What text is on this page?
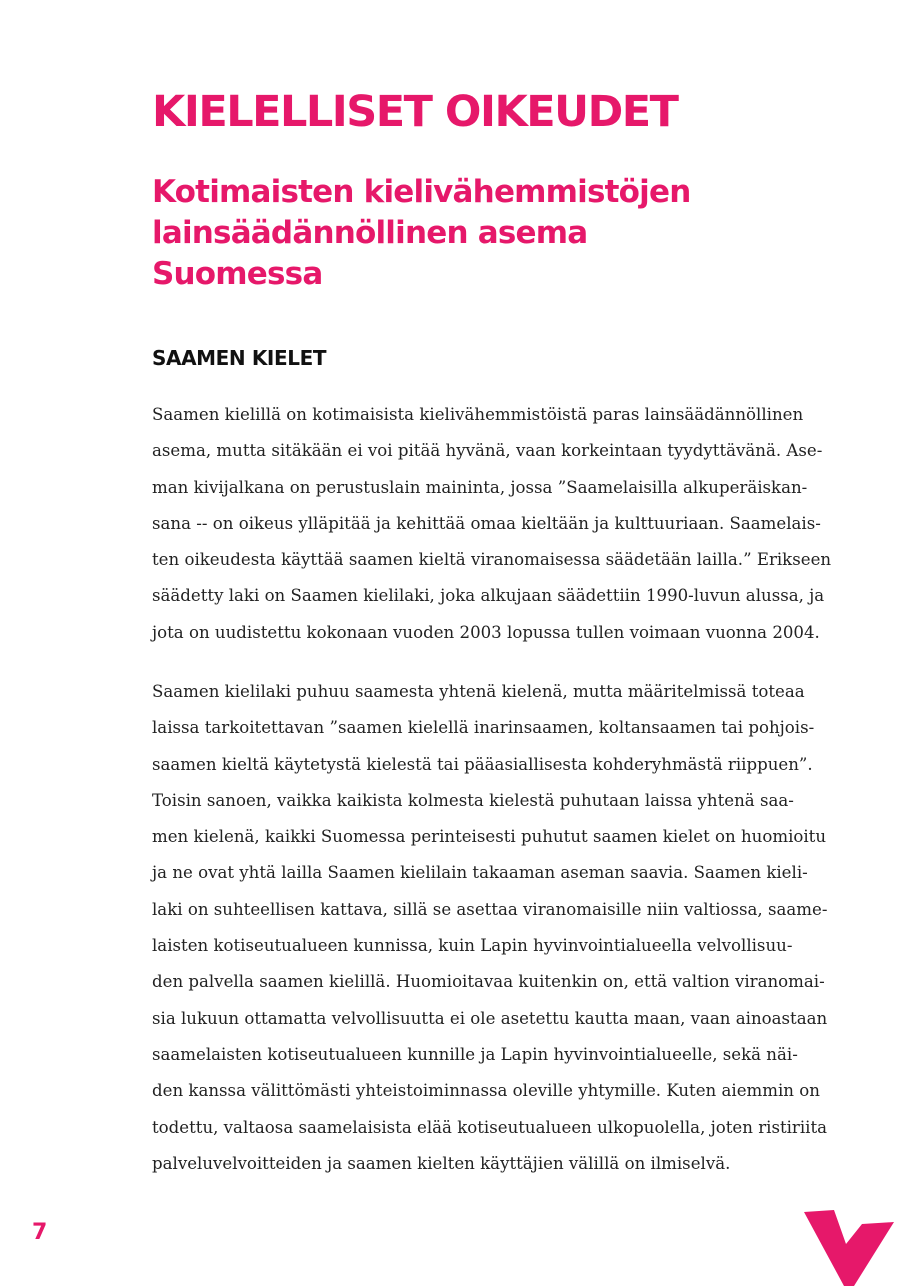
KIELELLISET OIKEUDET
Kotimaisten kielivähemmistöjen
lainsäädännöllinen asema
Suomessa
SAAMEN KIELET
Saamen kielillä on kotimaisista kielivähemmistöistä paras lainsäädännöllinen
asema, mutta sitäkään ei voi pitää hyvänä, vaan korkeintaan tyydyttävänä. Ase-
man kivijalkana on perustuslain maininta, jossa ”Saamelaisilla alkuperäiskan-
sana -- on oikeus ylläpitää ja kehittää omaa kieltään ja kulttuuriaan. Saamelais-
ten oikeudesta käyttää saamen kieltä viranomaisessa säädetään lailla.” Erikseen
säädetty laki on Saamen kielilaki, joka alkujaan säädettiin 1990-luvun alussa, ja
jota on uudistettu kokonaan vuoden 2003 lopussa tullen voimaan vuonna 2004.
Saamen kielilaki puhuu saamesta yhtenä kielenä, mutta määritelmissä toteaa
laissa tarkoitettavan ”saamen kielellä inarinsaamen, koltansaamen tai pohjois-
saamen kieltä käytetystä kielestä tai pääasiallisesta kohderyhmästä riippuen”.
Toisin sanoen, vaikka kaikista kolmesta kielestä puhutaan laissa yhtenä saa-
men kielenä, kaikki Suomessa perinteisesti puhutut saamen kielet on huomioitu
ja ne ovat yhtä lailla Saamen kielilain takaaman aseman saavia. Saamen kieli-
laki on suhteellisen kattava, sillä se asettaa viranomaisille niin valtiossa, saame-
laisten kotiseutualueen kunnissa, kuin Lapin hyvinvointialueella velvollisuu-
den palvella saamen kielillä. Huomioitavaa kuitenkin on, että valtion viranomai-
sia lukuun ottamatta velvollisuutta ei ole asetettu kautta maan, vaan ainoastaan
saamelaisten kotiseutualueen kunnille ja Lapin hyvinvointialueelle, sekä näi-
den kanssa välittömästi yhteistoiminnassa oleville yhtymille. Kuten aiemmin on
todettu, valtaosa saamelaisista elää kotiseutualueen ulkopuolella, joten ristiriita
palveluvelvoitteiden ja saamen kielten käyttäjien välillä on ilmiselvä.
7
